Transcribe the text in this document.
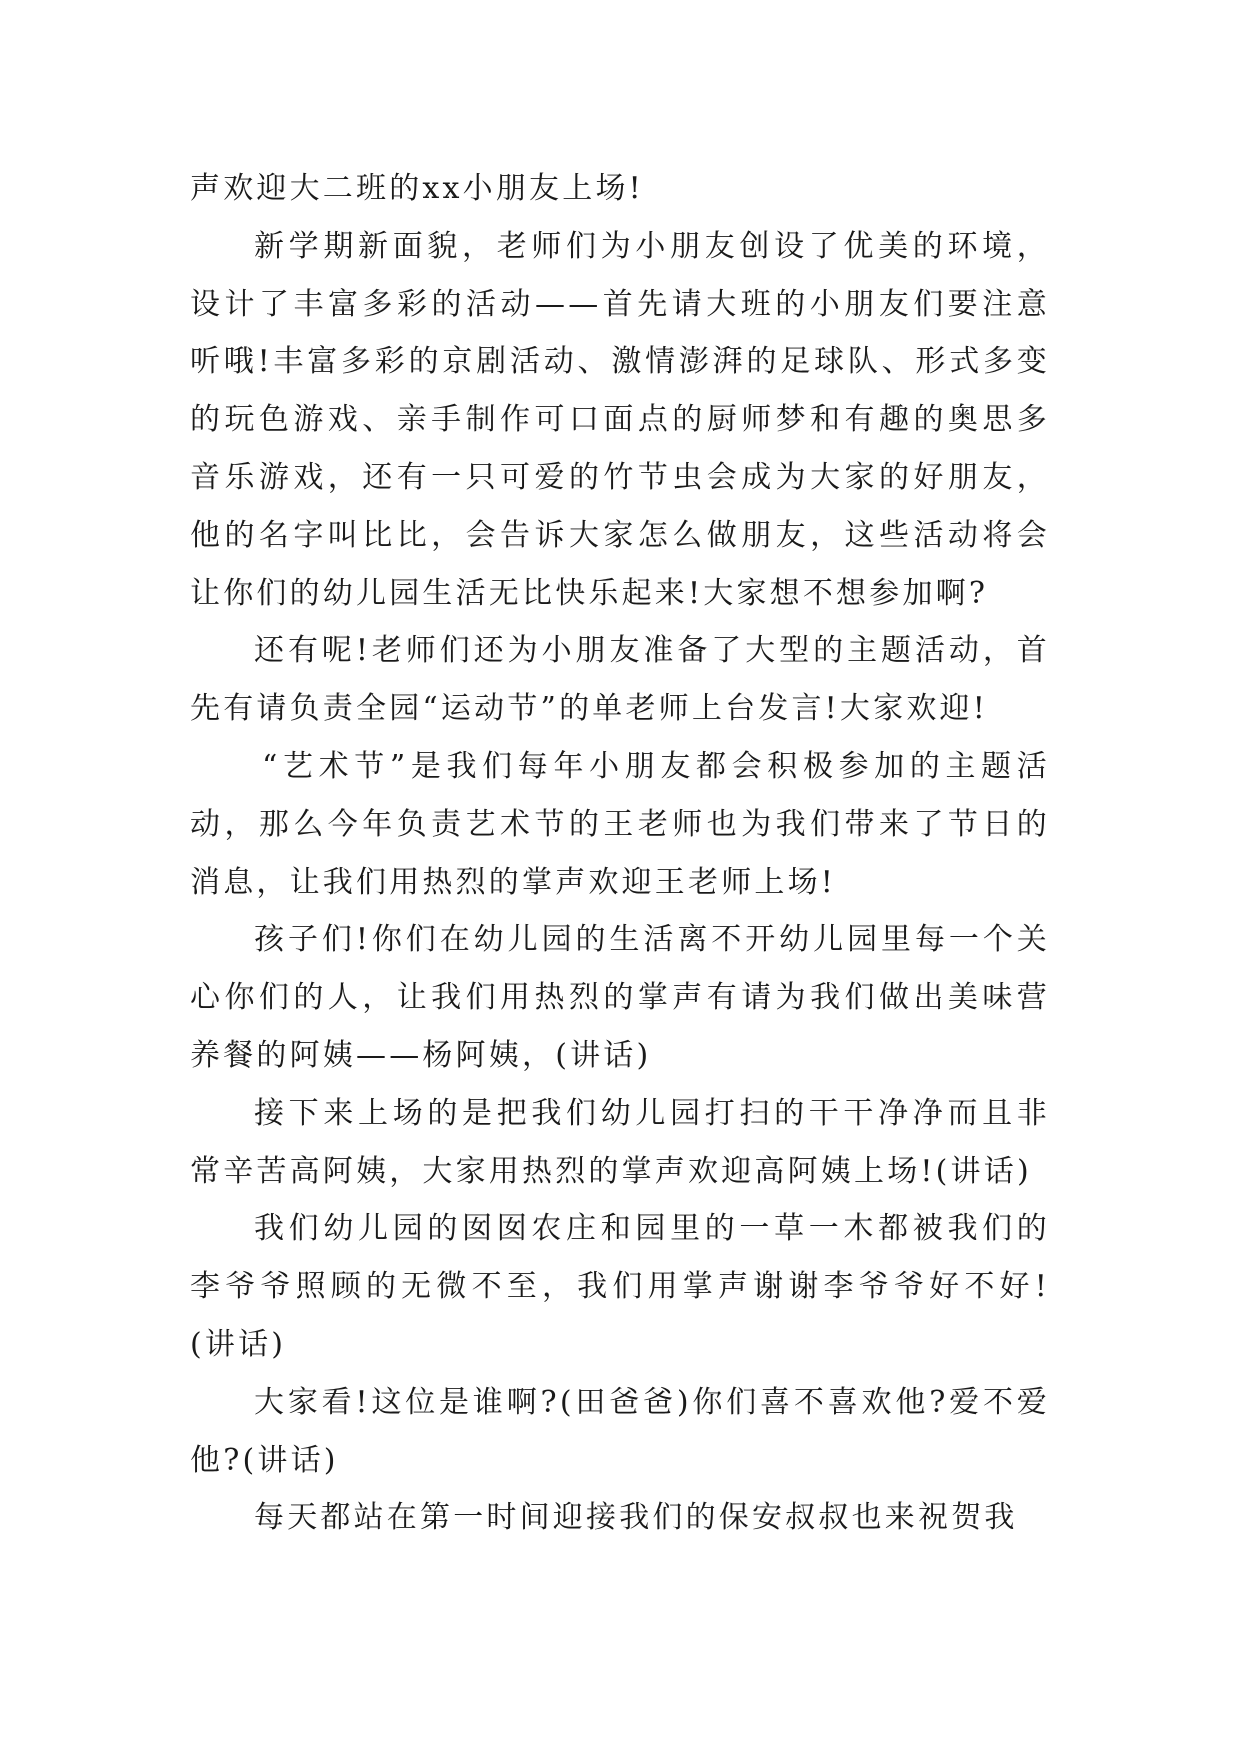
声欢迎大二班的xx小朋友上场!

新学期新面貌，老师们为小朋友创设了优美的环境，设计了丰富多彩的活动——首先请大班的小朋友们要注意听哦!丰富多彩的京剧活动、激情澎湃的足球队、形式多变的玩色游戏、亲手制作可口面点的厨师梦和有趣的奥思多音乐游戏，还有一只可爱的竹节虫会成为大家的好朋友，他的名字叫比比，会告诉大家怎么做朋友，这些活动将会让你们的幼儿园生活无比快乐起来!大家想不想参加啊?

还有呢!老师们还为小朋友准备了大型的主题活动，首先有请负责全园“运动节”的单老师上台发言!大家欢迎!

“艺术节”是我们每年小朋友都会积极参加的主题活动，那么今年负责艺术节的王老师也为我们带来了节日的消息，让我们用热烈的掌声欢迎王老师上场!

孩子们!你们在幼儿园的生活离不开幼儿园里每一个关心你们的人，让我们用热烈的掌声有请为我们做出美味营养餐的阿姨——杨阿姨，(讲话)

接下来上场的是把我们幼儿园打扫的干干净净而且非常辛苦高阿姨，大家用热烈的掌声欢迎高阿姨上场!(讲话)

我们幼儿园的囡囡农庄和园里的一草一木都被我们的李爷爷照顾的无微不至，我们用掌声谢谢李爷爷好不好!(讲话)

大家看!这位是谁啊?(田爸爸)你们喜不喜欢他?爱不爱他?(讲话)

每天都站在第一时间迎接我们的保安叔叔也来祝贺我
